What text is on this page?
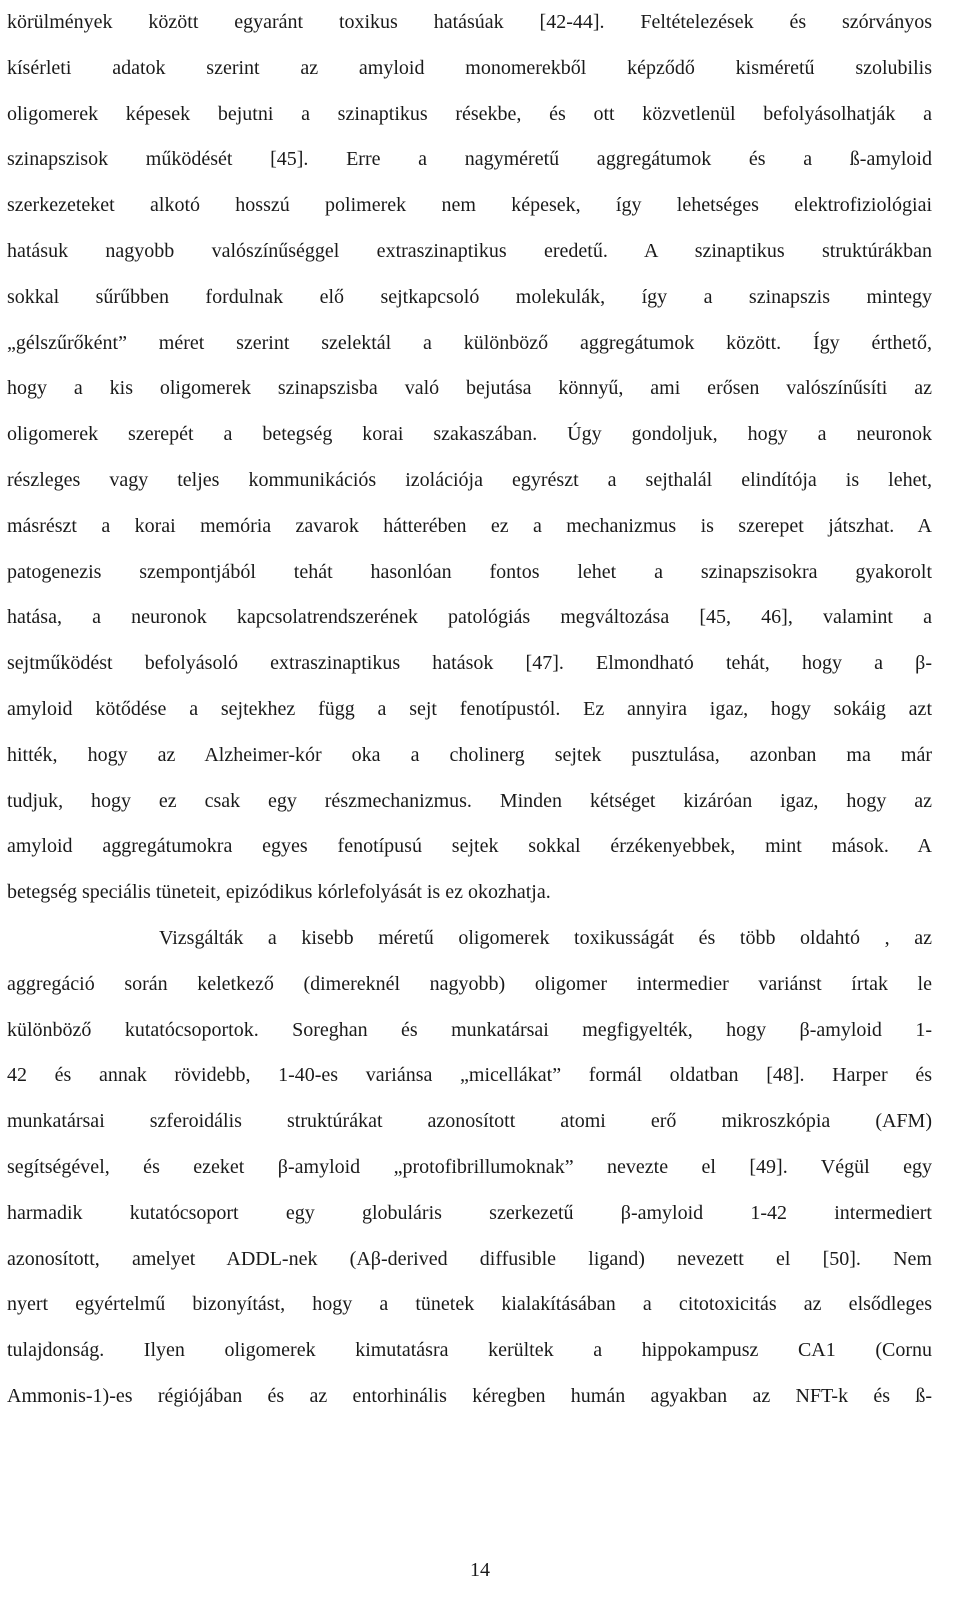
körülmények között egyaránt toxikus hatásúak [42-44]. Feltételezések és szórványos
kísérleti adatok szerint az amyloid monomerekből képződő kisméretű szolubilis
oligomerek képesek bejutni a szinaptikus résekbe, és ott közvetlenül befolyásolhatják a
szinapszisok működését [45]. Erre a nagyméretű aggregátumok és a ß-amyloid
szerkezeteket alkotó hosszú polimerek nem képesek, így lehetséges elektrofiziológiai
hatásuk nagyobb valószínűséggel extraszinaptikus eredetű. A szinaptikus struktúrákban
sokkal sűrűbben fordulnak elő sejtkapcsoló molekulák, így a szinapszis mintegy
„gélszűrőként” méret szerint szelektál a különböző aggregátumok között. Így érthető,
hogy a kis oligomerek szinapszisba való bejutása könnyű, ami erősen valószínűsíti az
oligomerek szerepét a betegség korai szakaszában. Úgy gondoljuk, hogy a neuronok
részleges vagy teljes kommunikációs izolációja egyrészt a sejthalál elindítója is lehet,
másrészt a korai memória zavarok hátterében ez a mechanizmus is szerepet játszhat. A
patogenezis szempontjából tehát hasonlóan fontos lehet a szinapszisokra gyakorolt
hatása, a neuronok kapcsolatrendszerének patológiás megváltozása [45, 46], valamint a
sejtműködést befolyásoló extraszinaptikus hatások [47]. Elmondható tehát, hogy a β-
amyloid kötődése a sejtekhez függ a sejt fenotípustól. Ez annyira igaz, hogy sokáig azt
hitték, hogy az Alzheimer-kór oka a cholinerg sejtek pusztulása, azonban ma már
tudjuk, hogy ez csak egy részmechanizmus. Minden kétséget kizáróan igaz, hogy az
amyloid aggregátumokra egyes fenotípusú sejtek sokkal érzékenyebbek, mint mások. A
betegség speciális tüneteit, epizódikus kórlefolyását is ez okozhatja.
Vizsgálták a kisebb méretű oligomerek toxikusságát és több oldahtó , az
aggregáció során keletkező (dimereknél nagyobb) oligomer intermedier variánst írtak le
különböző kutatócsoportok. Soreghan és munkatársai megfigyelték, hogy β-amyloid 1-
42 és annak rövidebb, 1-40-es variánsa „micellákat” formál oldatban [48]. Harper és
munkatársai szferoidális struktúrákat azonosított atomi erő mikroszkópia (AFM)
segítségével, és ezeket β-amyloid „protofibrillumoknak” nevezte el [49]. Végül egy
harmadik kutatócsoport egy globuláris szerkezetű β-amyloid 1-42 intermediert
azonosított, amelyet ADDL-nek (Aβ-derived diffusible ligand) nevezett el [50]. Nem
nyert egyértelmű bizonyítást, hogy a tünetek kialakításában a citotoxicitás az elsődleges
tulajdonság. Ilyen oligomerek kimutatásra kerültek a hippokampusz CA1 (Cornu
Ammonis-1)-es régiójában és az entorhinális kéregben humán agyakban az NFT-k és ß-
14
